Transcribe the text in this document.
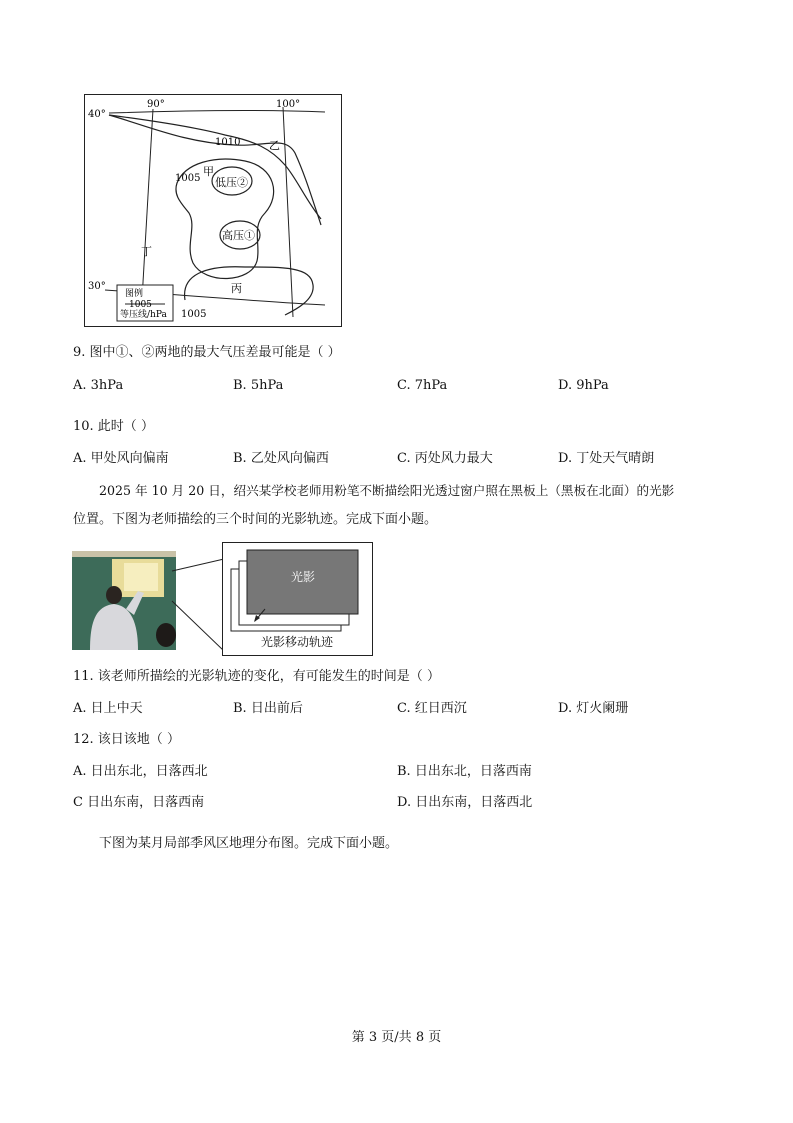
90°	100°
40°
30°
1010
1005
1005
甲
乙
丙
丁
低压②
高压①
图例
1005
等压线/hPa
9. 图中①、②两地的最大气压差最可能是（ ）
A. 3hPa	B. 5hPa	C. 7hPa	D. 9hPa
10. 此时（ ）
A. 甲处风向偏南	B. 乙处风向偏西	C. 丙处风力最大	D. 丁处天气晴朗
2025 年 10 月 20 日，绍兴某学校老师用粉笔不断描绘阳光透过窗户照在黑板上（黑板在北面）的光影
位置。下图为老师描绘的三个时间的光影轨迹。完成下面小题。
光影
光影移动轨迹
11. 该老师所描绘的光影轨迹的变化，有可能发生的时间是（ ）
A. 日上中天	B. 日出前后	C. 红日西沉	D. 灯火阑珊
12. 该日该地（ ）
A. 日出东北，日落西北	B. 日出东北，日落西南
C 日出东南，日落西南	D. 日出东南，日落西北
下图为某月局部季风区地理分布图。完成下面小题。
第 3 页/共 8 页
